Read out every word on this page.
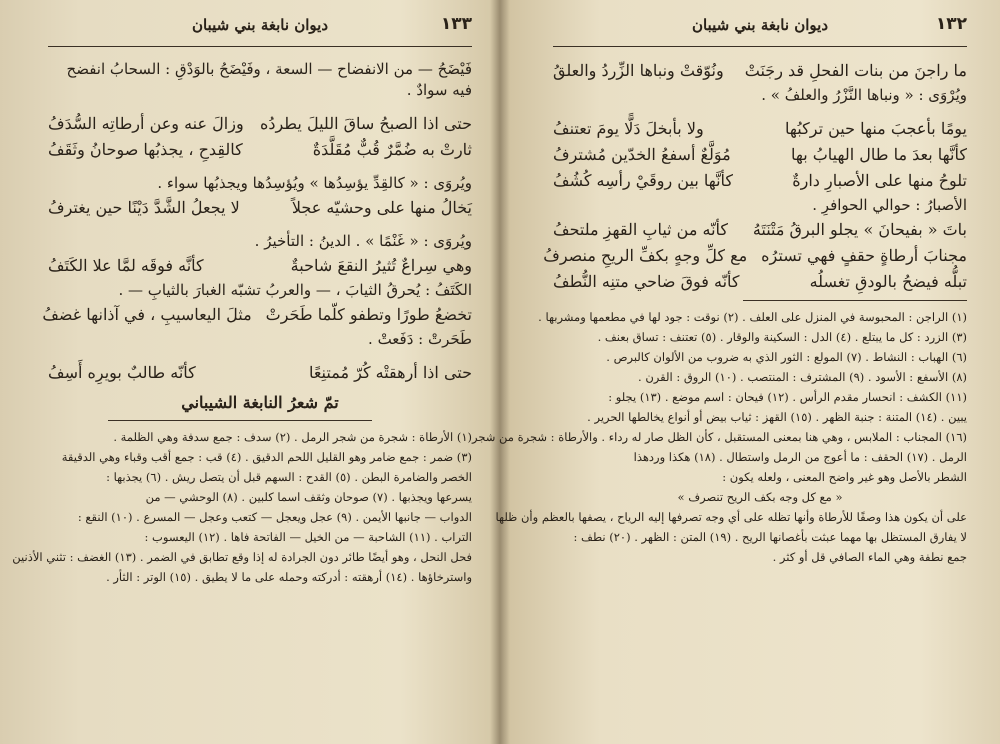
١٣٣
ديوان نابغة بني شيبان
فَيْضَحُ — من الانفضاح — السعة ، وفَيْضَحُ بالوَدْقِ : السحابُ انفضح
فيه سوادٌ .
حتى اذا الصبحُ ساقَ الليلَ يطردُه
وزالَ عنه وعن أرطاتِه السُّدَفُ
ثارتْ به ضُمَّرٌ قُبٌّ مُقَلَّدَةٌ
كالقِدحِ ، يجذبُها صوحانُ وثَقَفُ
ويُروَى : « كالقِدِّ يؤسِدُها » ويُؤسِدُها ويجذبُها سواء .
يَخالُ منها على وحشيّه عجلاً
لا يجعلُ الشَّدَّ دَيْنًا حين يغترفُ
ويُروَى : « غَنْمًا » . الدينُ : التأخيرُ .
وهي سِراعٌ تُثيرُ النقعَ شاحبةٌ
كأنَّه فوقَه لمَّا علا الكَتَفُ
الكَتَفُ : يُحرقُ الثيابَ ، — والعربُ تشبّه الغبارَ بالثيابِ — .
تخضعُ طورًا وتطفو كلّما طَحَرتْ
مثلَ اليعاسيبِ ، في آذانها غضفُ
طَحَرتْ : دَفَعتْ .
حتى اذا أرهقتْه كُرّ مُمتنِعًا
كأنّه طالبٌ بويرِه أَسِفُ
تمّ شعرُ النابغة الشيباني
(١) الأرطاة : شجرة من شجر الرمل . (٢) سدف : جمع سدفة وهي الظلمة .
(٣) ضمر : جمع ضامر وهو القليل اللحم الدقيق . (٤) قب : جمع أقب وقباء وهي الدقيقة
الخصر والضامرة البطن . (٥) القدح : السهم قبل أن يتصل ريش . (٦) يجذبها :
يسرعها ويجذبها . (٧) صوحان وثقف اسما كلبين . (٨) الوحشي — من
الدواب — جانبها الأيمن . (٩) عجل ويعجل — كتعب وعجل — المسرع . (١٠) النقع :
التراب . (١١) الشاحبة — من الخيل — الفاتحة فاها . (١٢) اليعسوب :
فحل النحل ، وهو أيضًا طائر دون الجرادة له إذا وقع تطابق في الضمر . (١٣) الغضف : تثني الأذنين
واسترخاؤها . (١٤) أرهقته : أدركته وحمله على ما لا يطيق . (١٥) الوتر : الثأر .
١٣٢
ديوان نابغة بني شيبان
ما راجنَ من بنات الفحلِ قد رجَنَتْ
ونُوّقتْ ونباها الزِّردُ والعلقُ
ويُرْوَى : « ونباها النَّزْرُ والعلفُ » .
يومًا بأعجبَ منها حين تركبُها
ولا بأبخلَ دَلًّا يومَ تعتنفُ
كأنَّها بعدَ ما طال الهيابُ بها
مُوَلَّعٌ أسفعُ الخدّين مُشترفُ
تلوحُ منها على الأصبارِ دارةٌ
كأنَّها بين روقَيْ رأسِه كُشُفُ
الأصبارُ : حوالي الحوافرِ .
باتَ « بفيحانَ » يجلو البرقُ مَتْنَتَهُ
كأنّه من ثيابِ القهزِ ملتحفُ
مجنابَ أرطاةٍ حقفٍ فهي تسترُه
مع كلِّ وجهٍ بكفِّ الريحِ منصرفُ
تبلُّه فيضحُ بالودقِ تغسلُه
كأنّه فوقَ ضاحي متنِه النُّطفُ
(١) الراجن : المحبوسة في المنزل على العلف . (٢) نوقت : جود لها في مطعمها ومشربها .
(٣) الزرد : كل ما يبتلع . (٤) الدل : السكينة والوقار . (٥) تعتنف : تساق بعنف .
(٦) الهباب : النشاط . (٧) المولع : الثور الذي به ضروب من الألوان كالبرص .
(٨) الأسفع : الأسود . (٩) المشترف : المنتصب . (١٠) الروق : القرن .
(١١) الكشف : انحسار مقدم الرأس . (١٢) فيحان : اسم موضع . (١٣) يجلو :
يبين . (١٤) المتنة : جنبة الظهر . (١٥) القهز : ثياب بيض أو أنواع يخالطها الحرير .
(١٦) المجناب : الملابس ، وهي هنا بمعنى المستقبل ، كأن الظل صار له رداء . والأرطاة : شجرة من شجر
الرمل . (١٧) الحقف : ما أعوج من الرمل واستطال . (١٨) هكذا وردهذا
الشطر بالأصل وهو غير واضح المعنى ، ولعله يكون :
« مع كل وجه بكف الريح تنصرف »
على أن يكون هذا وصفًا للأرطاة وأنها تظله على أي وجه تصرفها إليه الرياح ، يصفها بالعظم وأن ظلها
لا يفارق المستظل بها مهما عبثت بأغصانها الريح . (١٩) المتن : الظهر . (٢٠) نطف :
جمع نطفة وهي الماء الصافي قل أو كثر .
